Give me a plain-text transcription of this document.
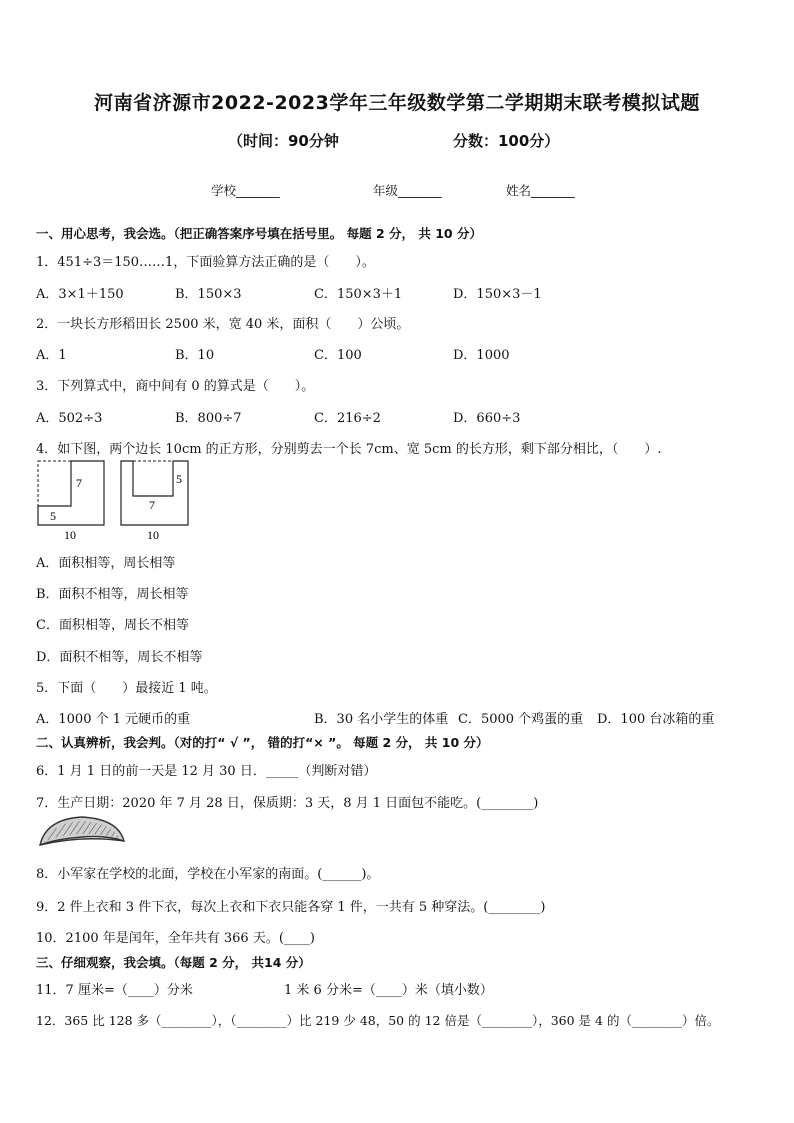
河南省济源市2022-2023学年三年级数学第二学期期末联考模拟试题
（时间：90分钟	分数：100分）
学校_______	年级_______	姓名_______
一、用心思考，我会选。（把正确答案序号填在括号里。 每题 2 分， 共 10 分）
1．451÷3＝150……1，下面验算方法正确的是（　　）。
A．3×1＋150	B．150×3	C．150×3＋1	D．150×3－1
2．一块长方形稻田长 2500 米，宽 40 米，面积（　　）公顷。
A．1	B．10	C．100	D．1000
3．下列算式中，商中间有 0 的算式是（　　）。
A．502÷3	B．800÷7	C．216÷2	D．660÷3
4．如下图，两个边长 10cm 的正方形，分别剪去一个长 7cm、宽 5cm 的长方形，剩下部分相比，（　　）.
7
5
10
5
7
10
A．面积相等，周长相等
B．面积不相等，周长相等
C．面积相等，周长不相等
D．面积不相等，周长不相等
5．下面（　　）最接近 1 吨。
A．1000 个 1 元硬币的重	B．30 名小学生的体重 C．5000 个鸡蛋的重 D．100 台冰箱的重
二、认真辨析，我会判。（对的打“ √ ”， 错的打“× ”。 每题 2 分， 共 10 分）
6．1 月 1 日的前一天是 12 月 30 日．_____（判断对错）
7．生产日期：2020 年 7 月 28 日，保质期：3 天，8 月 1 日面包不能吃。(________)
8．小军家在学校的北面，学校在小军家的南面。(______)。
9．2 件上衣和 3 件下衣，每次上衣和下衣只能各穿 1 件，一共有 5 种穿法。(________)
10．2100 年是闰年，全年共有 366 天。(____)
三、仔细观察，我会填。（每题 2 分， 共14 分）
11．7 厘米=（____）分米	1 米 6 分米=（____）米（填小数）
12．365 比 128 多（________），（________）比 219 少 48，50 的 12 倍是（________），360 是 4 的（________）倍。
